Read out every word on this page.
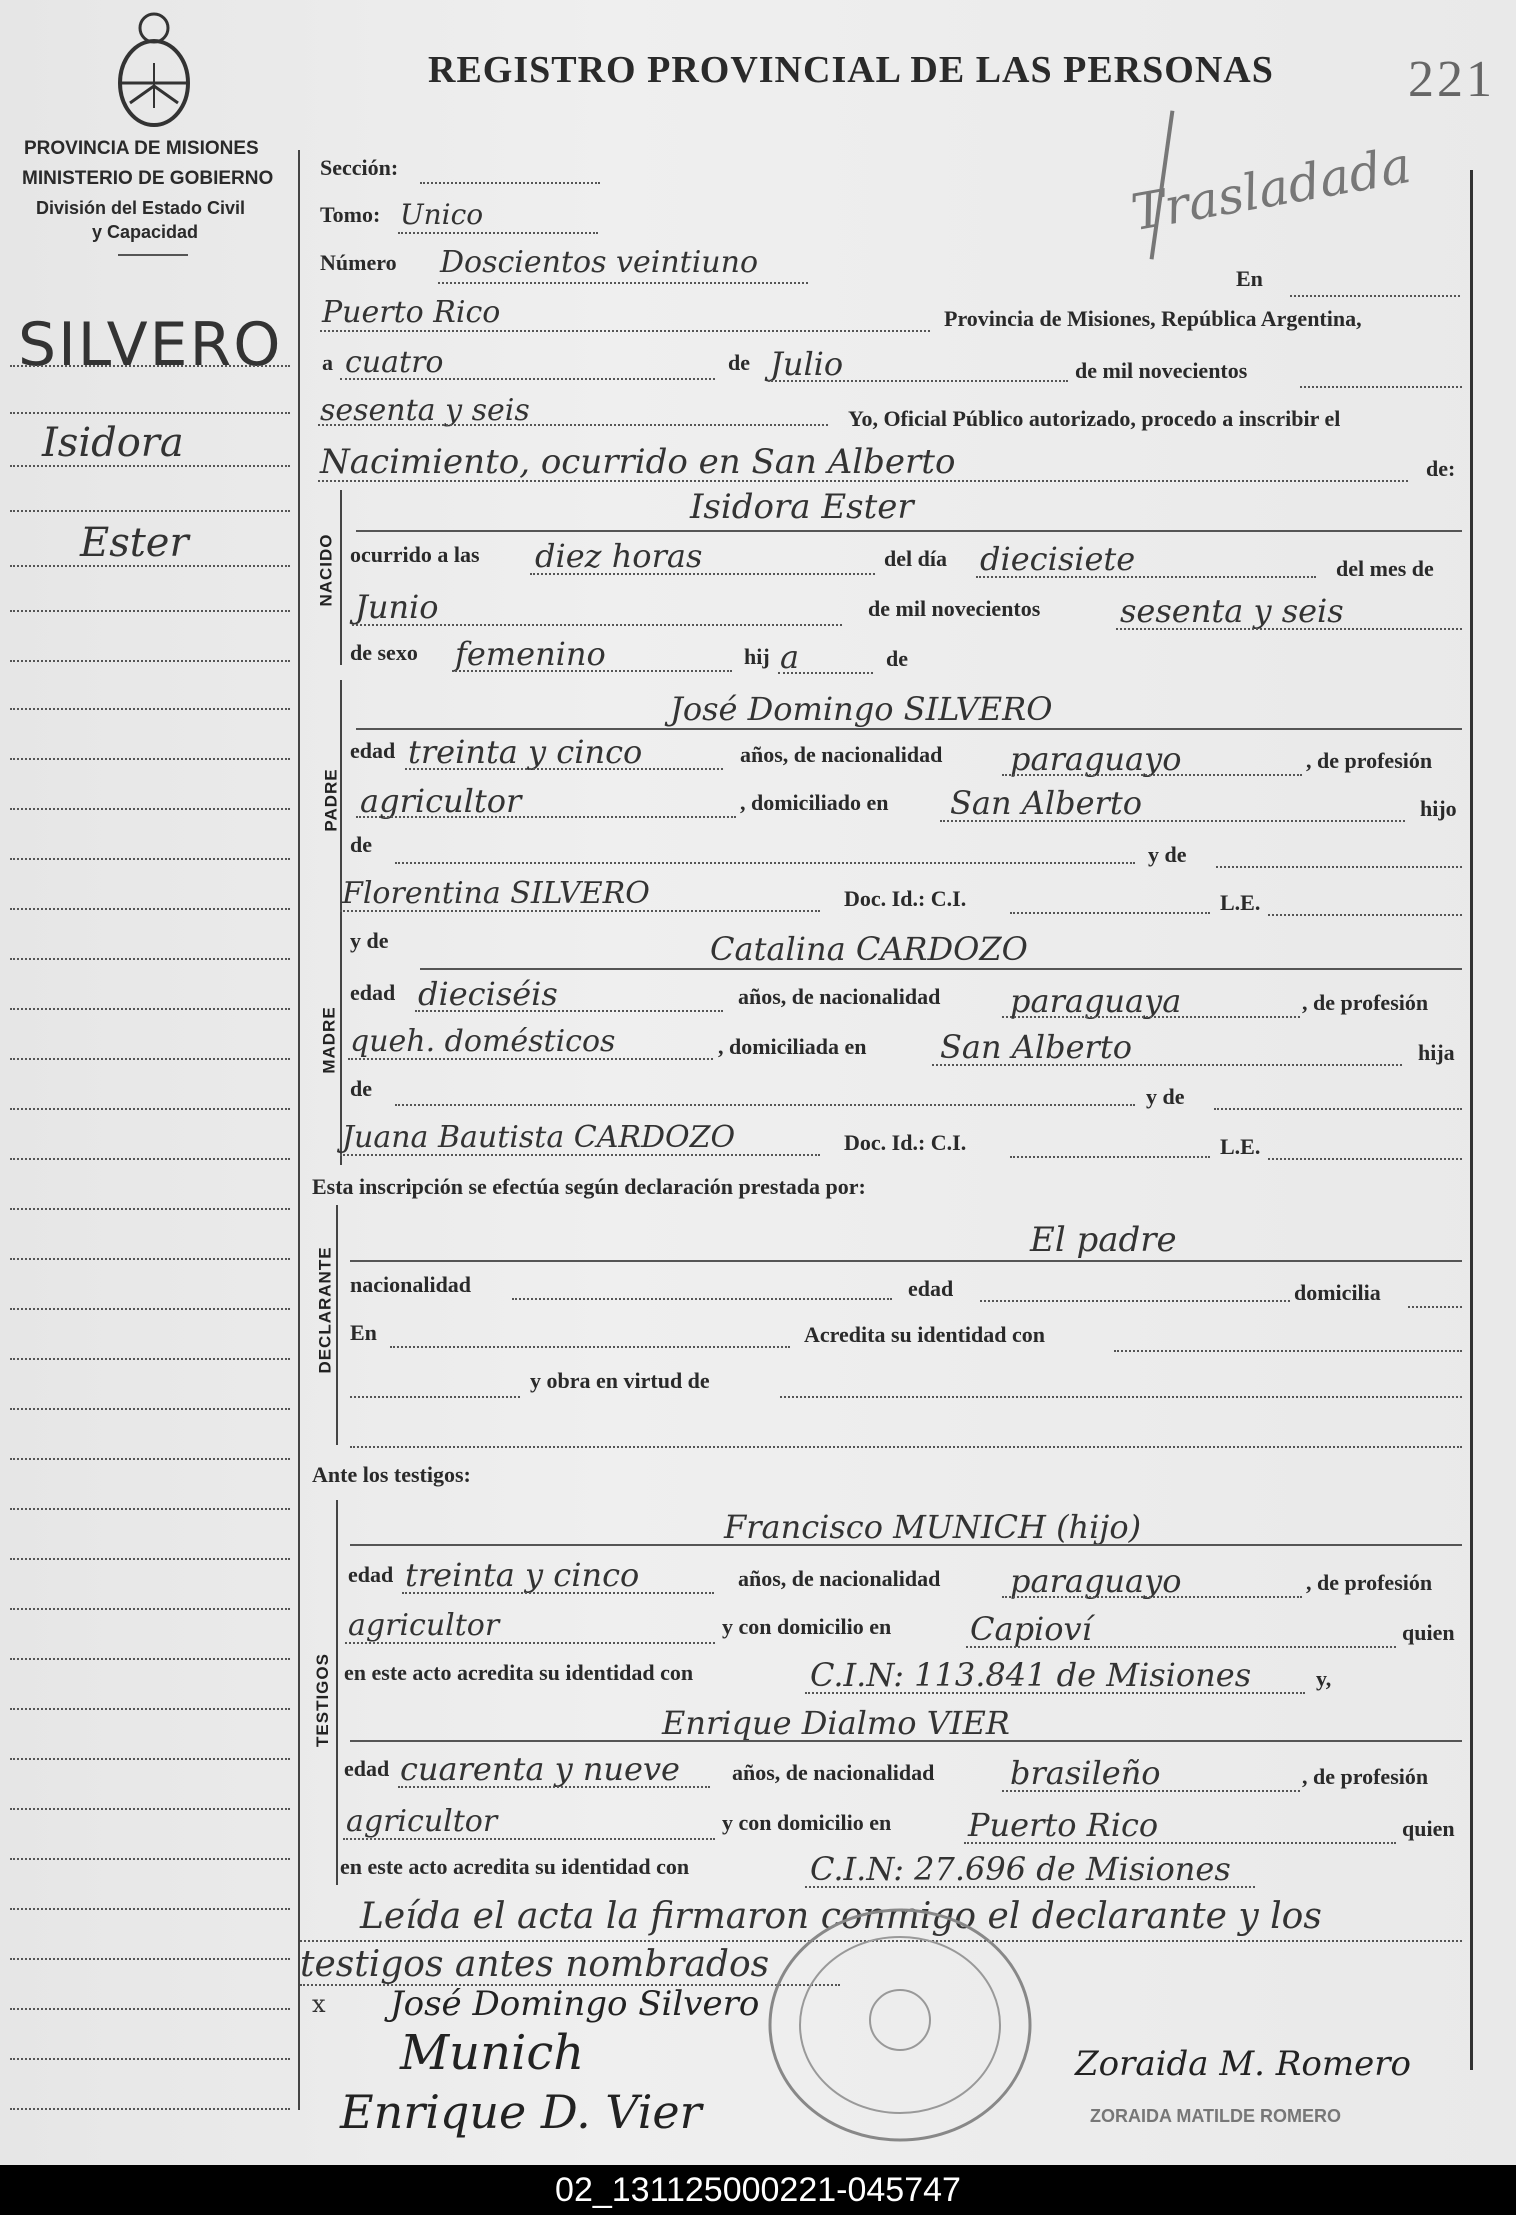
PROVINCIA DE MISIONES
MINISTERIO DE GOBIERNO
División del Estado Civil
y Capacidad
REGISTRO PROVINCIAL DE LAS PERSONAS	221
Trasladada
SILVERO
Isidora
Ester
Sección:
Tomo: Unico
Número Doscientos veintiuno	En
Puerto Rico	Provincia de Misiones, República Argentina,
a cuatro	de Julio	de mil novecientos
sesenta y seis	Yo, Oficial Público autorizado, procedo a inscribir el
Nacimiento, ocurrido en San Alberto	de:
NACIDO
Isidora Ester
ocurrido a las diez horas	del día diecisiete	del mes de
Junio	de mil novecientos sesenta y seis
de sexo femenino	hij a	de
PADRE
José Domingo SILVERO
edad treinta y cinco	años, de nacionalidad paraguayo	, de profesión
agricultor	, domiciliado en San Alberto	hijo
de	y de
Florentina SILVERO	Doc. Id.: C.I.	L.E.
MADRE
y de	Catalina CARDOZO
edad dieciséis	años, de nacionalidad paraguaya	, de profesión
queh. domésticos	, domiciliada en San Alberto	hija
de	y de
Juana Bautista CARDOZO	Doc. Id.: C.I.	L.E.
Esta inscripción se efectúa según declaración prestada por:
DECLARANTE
El padre
nacionalidad	edad	domicilia
En	Acredita su identidad con
y obra en virtud de
Ante los testigos:
TESTIGOS
Francisco MUNICH (hijo)
edad treinta y cinco	años, de nacionalidad paraguayo	, de profesión
agricultor	y con domicilio en Capioví	quien
en este acto acredita su identidad con	C.I.N: 113.841 de Misiones	y,
Enrique Dialmo VIER
edad cuarenta y nueve años, de nacionalidad brasileño	, de profesión
agricultor	y con domicilio en Puerto Rico	quien
en este acto acredita su identidad con	C.I.N: 27.696 de Misiones
Leída el acta la firmaron conmigo el declarante y los
testigos antes nombrados
x José Domingo Silvero
Munich
Enrique D. Vier
Zoraida M. Romero
ZORAIDA MATILDE ROMERO
02_131125000221-045747
